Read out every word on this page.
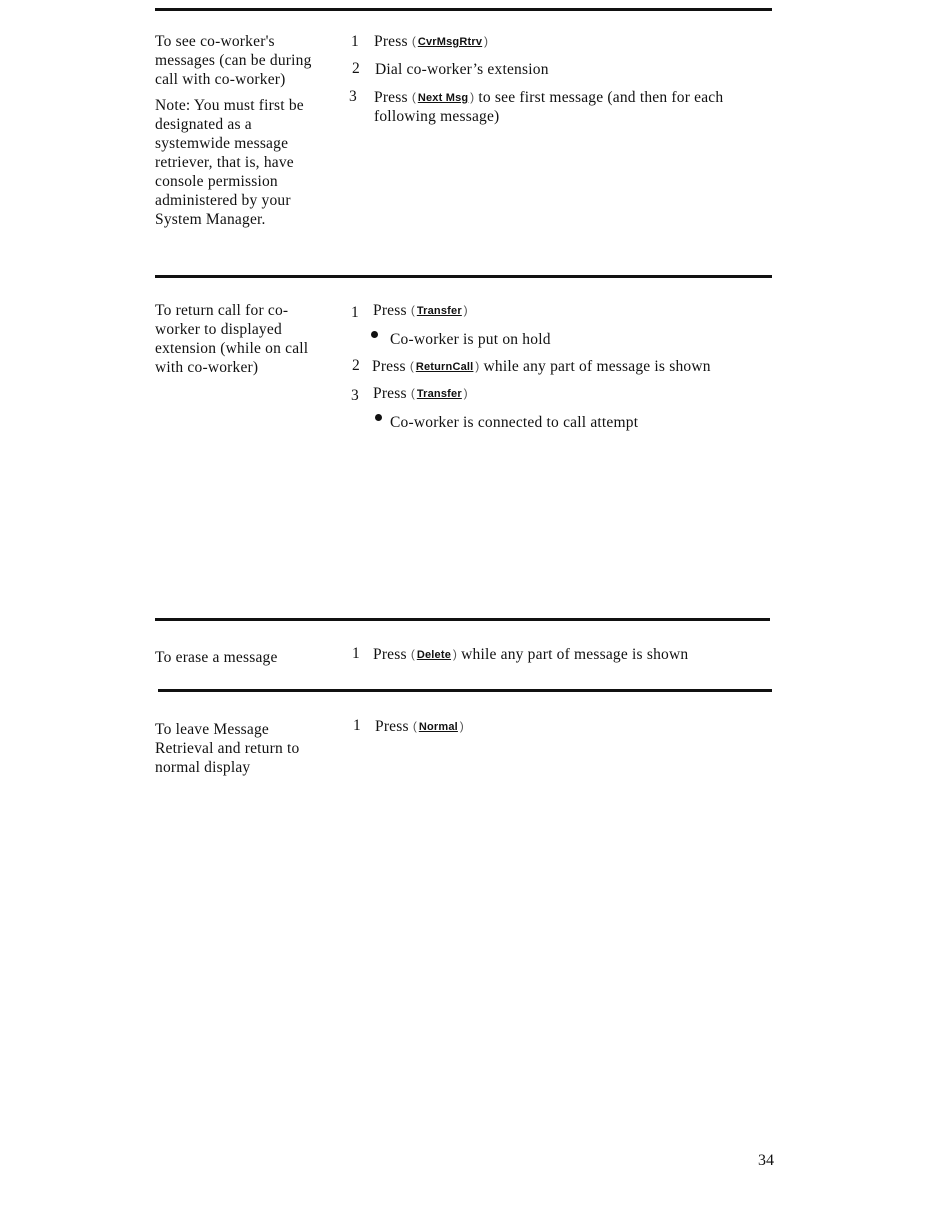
To see co-worker's messages (can be during call with co-worker)

Note: You must first be designated as a systemwide message retriever, that is, have console permission administered by your System Manager.

1 Press ( CvrMsgRtrv )
2 Dial co-worker’s extension
3 Press ( Next Msg ) to see first message (and then for each
following message)

To return call for co-worker to displayed extension (while on call with co-worker)

1 Press ( Transfer )
Co-worker is put on hold
2 Press ( ReturnCall ) while any part of message is shown
3 Press ( Transfer )
Co-worker is connected to call attempt

To erase a message	1 Press ( Delete ) while any part of message is shown

To leave Message Retrieval and return to normal display

1 Press ( Normal )
34
